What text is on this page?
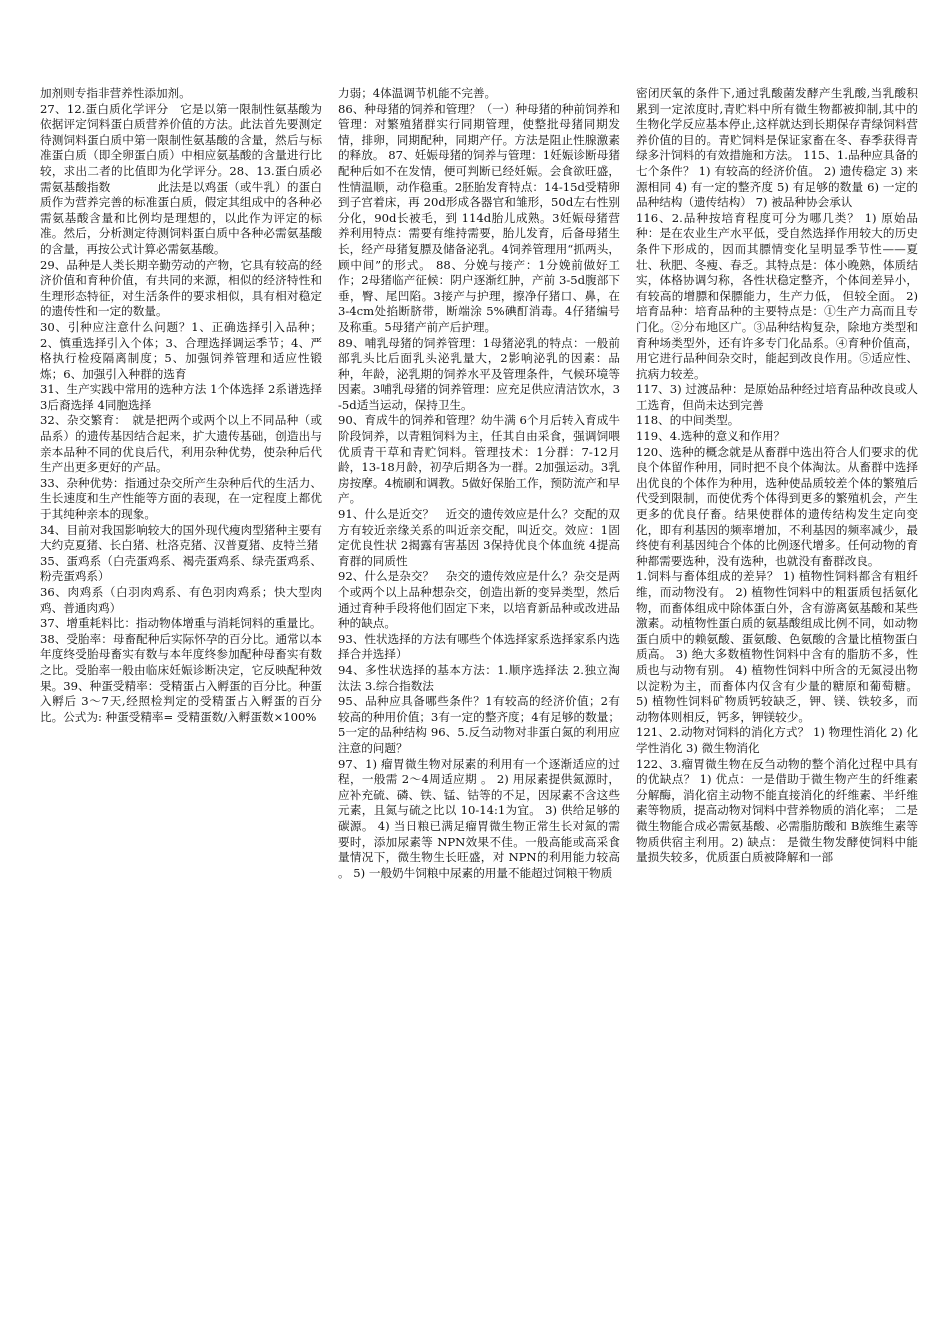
加剂则专指非营养性添加剂。

27、12.蛋白质化学评分　它是以第一限制性氨基酸为依据评定饲料蛋白质营养价值的方法。此法首先要测定待测饲料蛋白质中第一限制性氨基酸的含量，然后与标准蛋白质（即全卵蛋白质）中相应氨基酸的含量进行比较，求出二者的比值即为化学评分。28、13.蛋白质必需氨基酸指数　　　　此法是以鸡蛋（或牛乳）的蛋白质作为营养完善的标准蛋白质，假定其组成中的各种必需氨基酸含量和比例均是理想的，以此作为评定的标准。然后，分析测定待测饲料蛋白质中各种必需氨基酸的含量，再按公式计算必需氨基酸。

29、品种是人类长期辛勤劳动的产物，它具有较高的经济价值和育种价值，有共同的来源，相似的经济特性和生理形态特征，对生活条件的要求相似，具有相对稳定的遗传性和一定的数量。

30、引种应注意什么问题？1、正确选择引入品种；2、慎重选择引入个体；3、合理选择调运季节；4、严格执行检疫隔离制度；5、加强饲养管理和适应性锻炼；6、加强引入种群的选育

31、生产实践中常用的选种方法 1个体选择 2系谱选择 3后裔选择 4同胞选择

32、杂交繁育：　就是把两个或两个以上不同品种（或品系）的遗传基因结合起来，扩大遗传基础，创造出与亲本品种不同的优良后代，利用杂种优势，使杂种后代生产出更多更好的产品。

33、杂种优势：指通过杂交所产生杂种后代的生活力、生长速度和生产性能等方面的表现，在一定程度上都优于其纯种亲本的现象。

34、目前对我国影响较大的国外现代瘦肉型猪种主要有大约克夏猪、长白猪、杜洛克猪、汉普夏猪、皮特兰猪

35、蛋鸡系（白壳蛋鸡系、褐壳蛋鸡系、绿壳蛋鸡系、粉壳蛋鸡系）

36、肉鸡系（白羽肉鸡系、有色羽肉鸡系；快大型肉鸡、普通肉鸡）

37、增重耗料比：指动物体增重与消耗饲料的重量比。

38、受胎率：母畜配种后实际怀孕的百分比。通常以本年度终受胎母畜实有数与本年度终参加配种母畜实有数之比。受胎率一般由临床妊娠诊断决定，它反映配种效果。39、种蛋受精率：受精蛋占入孵蛋的百分比。种蛋入孵后 3～7天,经照检判定的受精蛋占入孵蛋的百分比。公式为: 种蛋受精率= 受精蛋数/入孵蛋数×100%

力弱；4体温调节机能不完善。

86、种母猪的饲养和管理？（一）种母猪的种前饲养和管理：对繁殖猪群实行同期管理，使整批母猪同期发情，排卵，同期配种，同期产仔。方法是阻止性腺激素的释放。 87、妊娠母猪的饲养与管理：1妊娠诊断母猪配种后如不在发情，便可判断已经妊娠。会食欲旺盛，性情温顺，动作稳重。2胚胎发育特点：14-15d受精卵到子宫着床，再 20d形成各器官和雏形，50d左右性别分化，90d长被毛，到 114d胎儿成熟。3妊娠母猪营养利用特点：需要有维持需要，胎儿发育，后备母猪生长，经产母猪复膘及储备泌乳。4饲养管理用“抓两头，顾中间”的形式。 88、分娩与接产：1分娩前做好工作；2母猪临产征候：阴户逐渐红肿，产前 3-5d腹部下垂，臀、尾凹陷。3接产与护理，擦净仔猪口、鼻，在 3-4cm处掐断脐带，断端涂 5%碘酊消毒。4仔猪编号及称重。5母猪产前产后护理。

89、哺乳母猪的饲养管理：1母猪泌乳的特点：一般前部乳头比后面乳头泌乳量大，2影响泌乳的因素：品种，年龄，泌乳期的饲养水平及管理条件，气候环境等因素。3哺乳母猪的饲养管理：应充足供应清洁饮水，3-5d适当运动，保持卫生。

90、育成牛的饲养和管理？幼牛满 6个月后转入育成牛阶段饲养，以青粗饲料为主，任其自由采食，强调饲喂优质青干草和青贮饲料。管理技术：1分群：7-12月龄，13-18月龄，初孕后期各为一群。2加强运动。3乳房按摩。4梳刷和调教。5做好保胎工作，预防流产和早产。

91、什么是近交？　近交的遗传效应是什么？交配的双方有较近亲缘关系的叫近亲交配，叫近交。效应：1固定优良性状 2揭露有害基因 3保持优良个体血统 4提高育群的同质性

92、什么是杂交？　杂交的遗传效应是什么？杂交是两个或两个以上品种想杂交，创造出新的变异类型，然后通过育种手段将他们固定下来，以培育新品种或改进品种的缺点。

93、性状选择的方法有哪些个体选择家系选择家系内选择合并选择）

94、多性状选择的基本方法：1.顺序选择法 2.独立淘汰法 3.综合指数法

95、品种应具备哪些条件？1有较高的经济价值；2有较高的种用价值；3有一定的整齐度；4有足够的数量；5一定的品种结构 96、5.反刍动物对非蛋白氮的利用应注意的问题？

97、1) 瘤胃微生物对尿素的利用有一个逐渐适应的过程，一般需 2～4周适应期 。 2) 用尿素提供氮源时，应补充硫、磷、铁、锰、钴等的不足，因尿素不含这些元素，且氮与硫之比以 10-14:1为宜。 3) 供给足够的碳源。 4) 当日粮已满足瘤胃微生物正常生长对氮的需要时，添加尿素等 NPN效果不佳。一般高能或高采食量情况下，微生物生长旺盛，对 NPN的利用能力较高 。 5) 一般奶牛饲粮中尿素的用量不能超过饲粮干物质

密闭厌氧的条件下,通过乳酸菌发酵产生乳酸,当乳酸积累到一定浓度时,青贮料中所有微生物都被抑制,其中的生物化学反应基本停止,这样就达到长期保存青绿饲料营养价值的目的。青贮饲料是保证家畜在冬、春季获得青绿多汁饲料的有效措施和方法。 115、1.品种应具备的七个条件？ 1) 有较高的经济价值。 2) 遗传稳定 3) 来源相同 4) 有一定的整齐度 5) 有足够的数量 6) 一定的品种结构（遗传结构） 7) 被品种协会承认

116、2.品种按培育程度可分为哪几类？ 1) 原始品种：是在农业生产水平低，受自然选择作用较大的历史条件下形成的，因而其膘情变化呈明显季节性——夏壮、秋肥、冬瘦、春乏。其特点是：体小晚熟，体质结实，体格协调匀称，各性状稳定整齐，个体间差异小，有较高的增膘和保膘能力，生产力低， 但较全面。 2) 培育品种：培育品种的主要特点是：①生产力高而且专门化。②分布地区广。③品种结构复杂，除地方类型和育种场类型外，还有许多专门化品系。④育种价值高，用它进行品种间杂交时，能起到改良作用。⑤适应性、抗病力较差。

117、3) 过渡品种：是原始品种经过培育品种改良或人工选育，但尚未达到完善

118、的中间类型。

119、4.选种的意义和作用？

120、选种的概念就是从畜群中选出符合人们要求的优良个体留作种用，同时把不良个体淘汰。从畜群中选择出优良的个体作为种用，选种使品质较差个体的繁殖后代受到限制，而使优秀个体得到更多的繁殖机会，产生更多的优良仔畜。结果使群体的遗传结构发生定向变化，即有利基因的频率增加，不利基因的频率减少，最终使有利基因纯合个体的比例逐代增多。任何动物的育种都需要选种，没有选种，也就没有畜群改良。

1.饲料与畜体组成的差异？ 1) 植物性饲料都含有粗纤维，而动物没有。 2) 植物性饲料中的粗蛋质包括氨化物，而畜体组成中除体蛋白外，含有游离氨基酸和某些激素。动植物性蛋白质的氨基酸组成比例不同，如动物蛋白质中的赖氨酸、蛋氨酸、色氨酸的含量比植物蛋白质高。 3) 绝大多数植物性饲料中含有的脂肪不多，性质也与动物有别。 4) 植物性饲料中所含的无氮浸出物以淀粉为主，而畜体内仅含有少量的糖原和葡萄糖。 5) 植物性饲料矿物质钙较缺乏，钾、镁、铁较多，而动物体则相反，钙多，钾镁较少。

121、2.动物对饲料的消化方式？ 1) 物理性消化 2) 化学性消化 3) 微生物消化

122、3.瘤胃微生物在反刍动物的整个消化过程中具有的优缺点？ 1) 优点：一是借助于微生物产生的纤维素分解酶，消化宿主动物不能直接消化的纤维素、半纤维素等物质，提高动物对饲料中营养物质的消化率； 二是微生物能合成必需氨基酸、必需脂肪酸和 B族维生素等物质供宿主利用。2) 缺点： 是微生物发酵使饲料中能量损失较多，优质蛋白质被降解和一部
